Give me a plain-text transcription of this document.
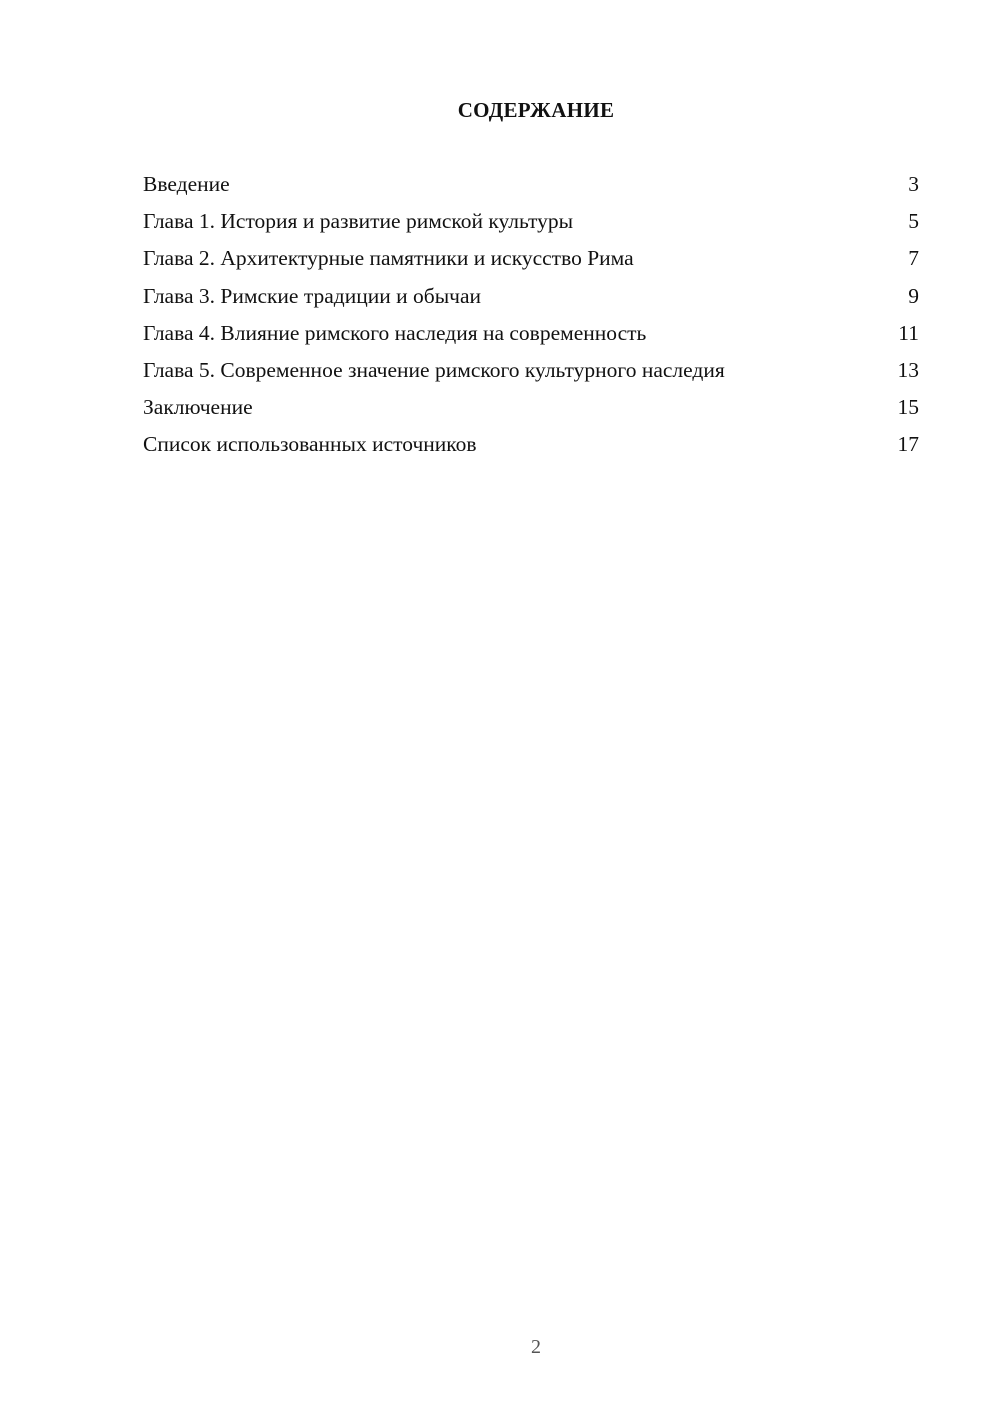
СОДЕРЖАНИЕ
Введение	3
Глава 1. История и развитие римской культуры	5
Глава 2. Архитектурные памятники и искусство Рима	7
Глава 3. Римские традиции и обычаи	9
Глава 4. Влияние римского наследия на современность	11
Глава 5. Современное значение римского культурного наследия	13
Заключение	15
Список использованных источников	17
2
